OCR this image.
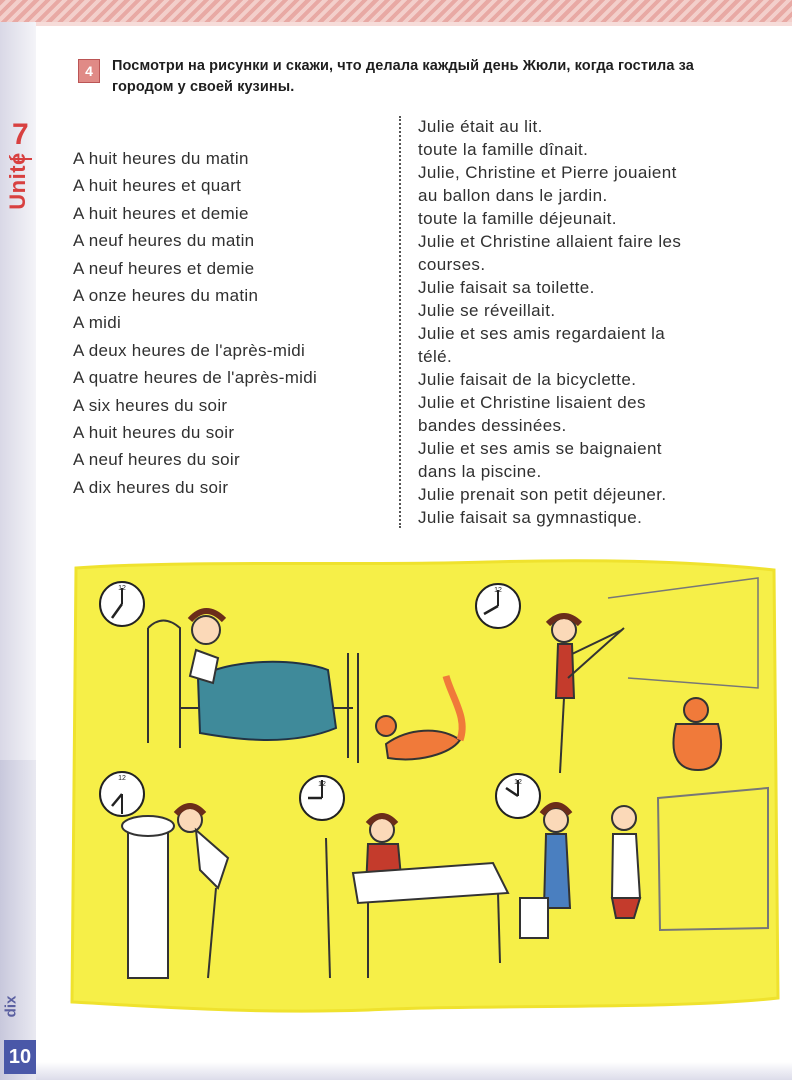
7
Unité
4	Посмотри на рисунки и скажи, что делала каждый день Жюли, когда гостила за городом у своей кузины.
A huit heures du matin
A huit heures et quart
A huit heures et demie
A neuf heures du matin
A neuf heures et demie
A onze heures du matin
A midi
A deux heures de l'après-midi
A quatre heures de l'après-midi
A six heures du soir
A huit heures du soir
A neuf heures du soir
A dix heures du soir
Julie était au lit.
toute la famille dînait.
Julie, Christine et Pierre jouaient
au ballon dans le jardin.
toute la famille déjeunait.
Julie et Christine allaient faire les
courses.
Julie faisait sa toilette.
Julie se réveillait.
Julie et ses amis regardaient la
télé.
Julie faisait de la bicyclette.
Julie et Christine lisaient des
bandes dessinées.
Julie et ses amis se baignaient
dans la piscine.
Julie prenait son petit déjeuner.
Julie faisait sa gymnastique.
12	12
12
12	12
dix
10
